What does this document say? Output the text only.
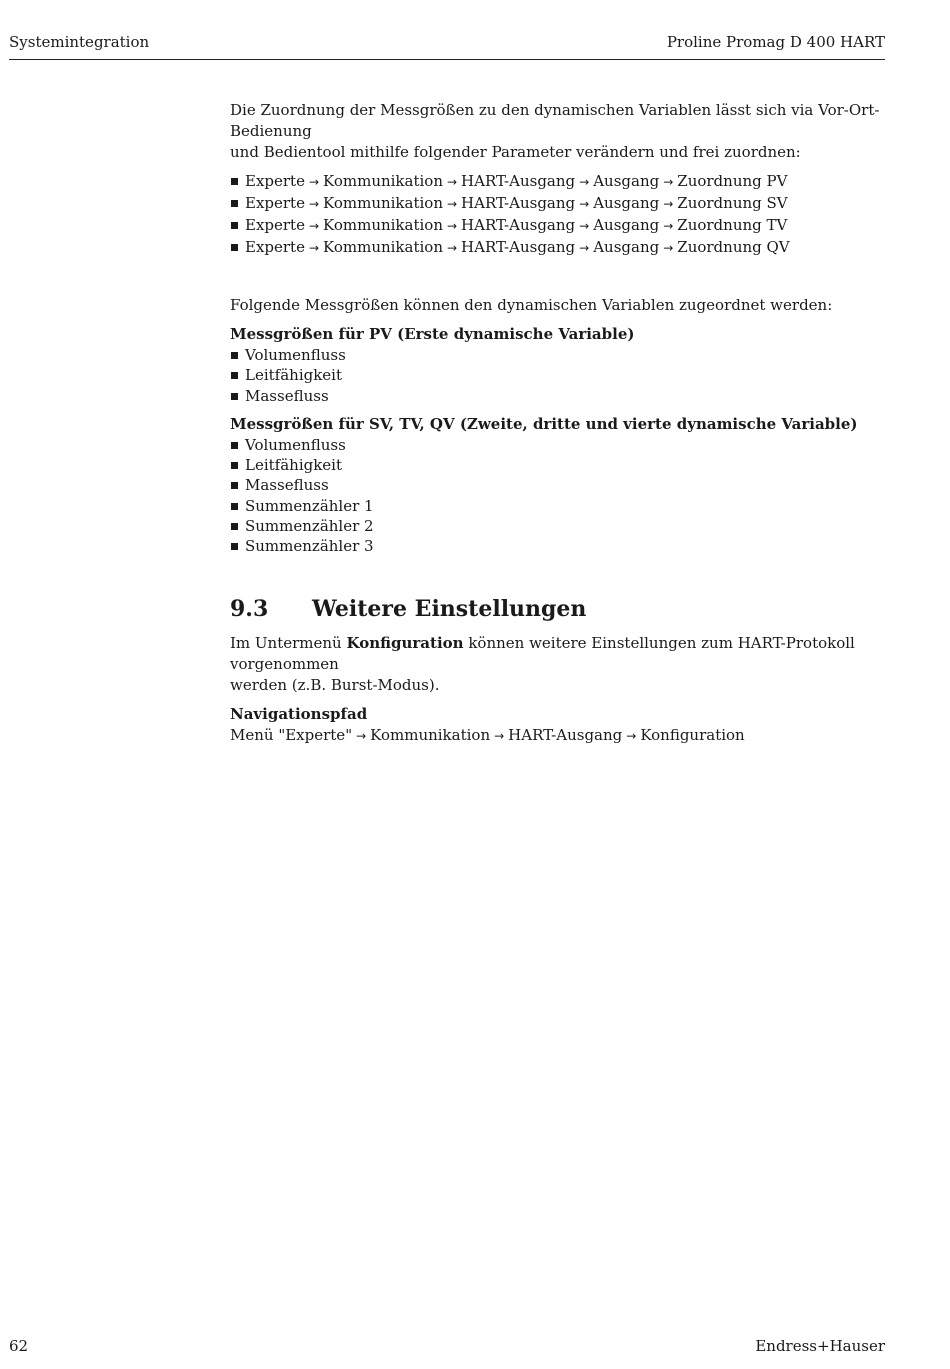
Systemintegration	Proline Promag D 400 HART

Die Zuordnung der Messgrößen zu den dynamischen Variablen lässt sich via Vor-Ort-Bedienung
und Bedientool mithilfe folgender Parameter verändern und frei zuordnen:

Experte → Kommunikation → HART-Ausgang → Ausgang → Zuordnung PV
Experte → Kommunikation → HART-Ausgang → Ausgang → Zuordnung SV
Experte → Kommunikation → HART-Ausgang → Ausgang → Zuordnung TV
Experte → Kommunikation → HART-Ausgang → Ausgang → Zuordnung QV

Folgende Messgrößen können den dynamischen Variablen zugeordnet werden:

Messgrößen für PV (Erste dynamische Variable)

Volumenfluss
Leitfähigkeit
Massefluss

Messgrößen für SV, TV, QV (Zweite, dritte und vierte dynamische Variable)

Volumenfluss
Leitfähigkeit
Massefluss
Summenzähler 1
Summenzähler 2
Summenzähler 3
9.3 Weitere Einstellungen

Im Untermenü Konfiguration können weitere Einstellungen zum HART-Protokoll vorgenommen
werden (z.B. Burst-Modus).

Navigationspfad

Menü "Experte" → Kommunikation → HART-Ausgang → Konfiguration

62	Endress+Hauser
